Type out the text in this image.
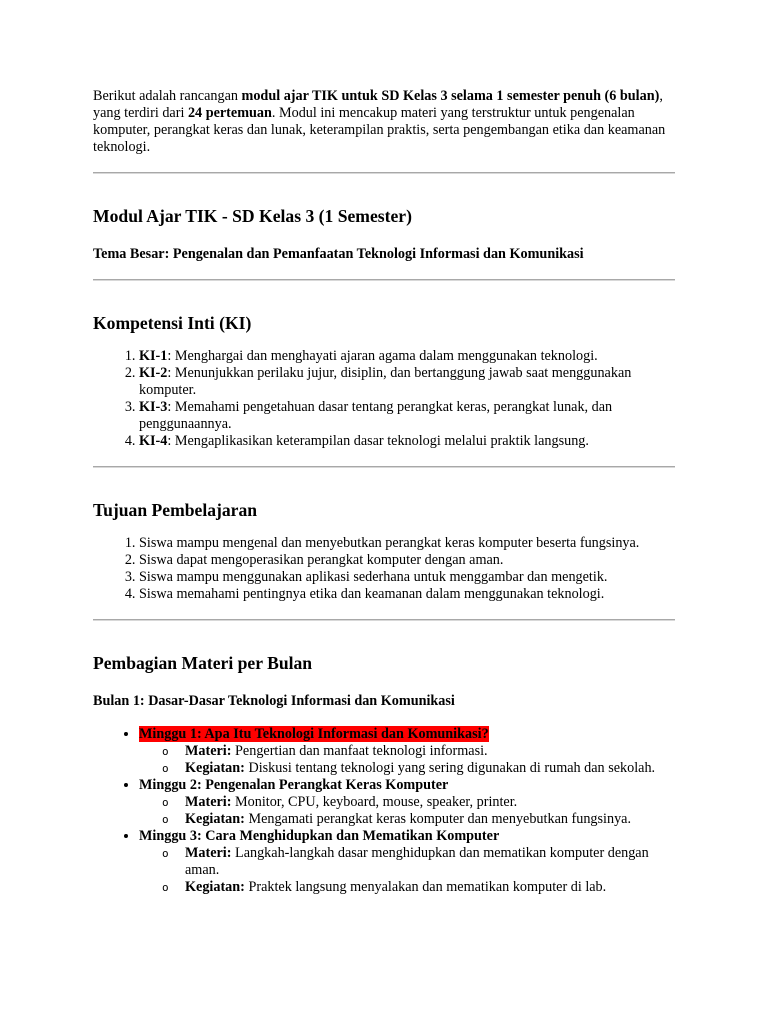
Berikut adalah rancangan modul ajar TIK untuk SD Kelas 3 selama 1 semester penuh (6 bulan), yang terdiri dari 24 pertemuan. Modul ini mencakup materi yang terstruktur untuk pengenalan komputer, perangkat keras dan lunak, keterampilan praktis, serta pengembangan etika dan keamanan teknologi.

Modul Ajar TIK - SD Kelas 3 (1 Semester)
Tema Besar: Pengenalan dan Pemanfaatan Teknologi Informasi dan Komunikasi
Kompetensi Inti (KI)
1. KI-1: Menghargai dan menghayati ajaran agama dalam menggunakan teknologi.
2. KI-2: Menunjukkan perilaku jujur, disiplin, dan bertanggung jawab saat menggunakan komputer.
3. KI-3: Memahami pengetahuan dasar tentang perangkat keras, perangkat lunak, dan penggunaannya.
4. KI-4: Mengaplikasikan keterampilan dasar teknologi melalui praktik langsung.
Tujuan Pembelajaran
1. Siswa mampu mengenal dan menyebutkan perangkat keras komputer beserta fungsinya.
2. Siswa dapat mengoperasikan perangkat komputer dengan aman.
3. Siswa mampu menggunakan aplikasi sederhana untuk menggambar dan mengetik.
4. Siswa memahami pentingnya etika dan keamanan dalam menggunakan teknologi.
Pembagian Materi per Bulan
Bulan 1: Dasar-Dasar Teknologi Informasi dan Komunikasi
• Minggu 1: Apa Itu Teknologi Informasi dan Komunikasi?
o Materi: Pengertian dan manfaat teknologi informasi.
o Kegiatan: Diskusi tentang teknologi yang sering digunakan di rumah dan sekolah.
• Minggu 2: Pengenalan Perangkat Keras Komputer
o Materi: Monitor, CPU, keyboard, mouse, speaker, printer.
o Kegiatan: Mengamati perangkat keras komputer dan menyebutkan fungsinya.
• Minggu 3: Cara Menghidupkan dan Mematikan Komputer
o Materi: Langkah-langkah dasar menghidupkan dan mematikan komputer dengan aman.
o Kegiatan: Praktek langsung menyalakan dan mematikan komputer di lab.
